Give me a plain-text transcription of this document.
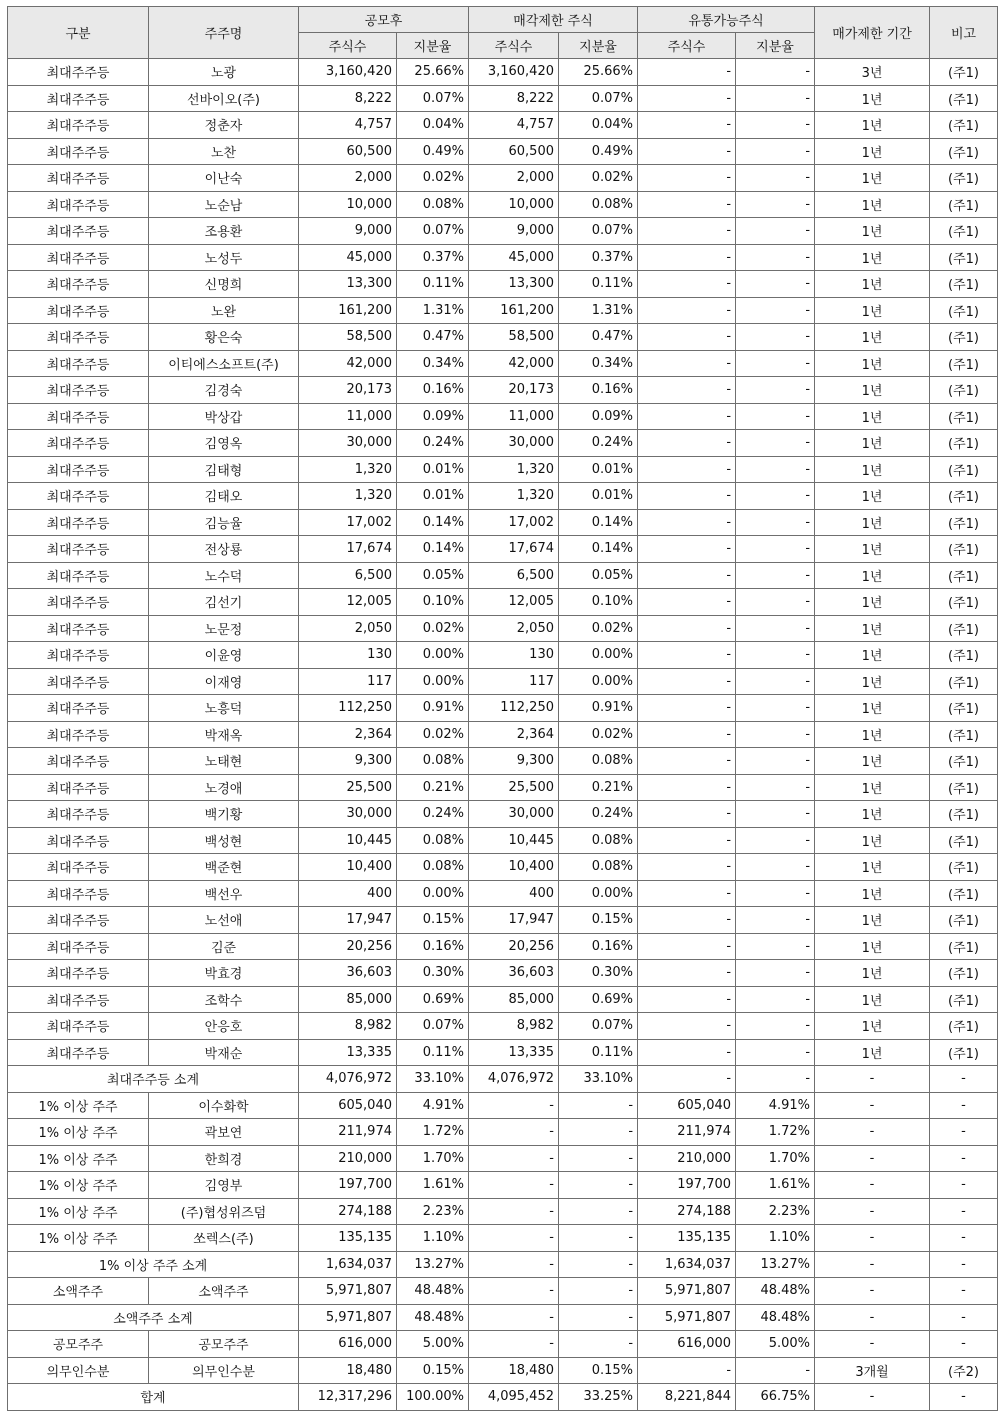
구분	주주명	공모후		매각제한 주식		유통가능주식		매가제한 기간	비고
		주식수	지분율	주식수	지분율	주식수	지분율		
최대주주등	노광	3,160,420	25.66%	3,160,420	25.66%	-	-	3년	(주1)
최대주주등	선바이오(주)	8,222	0.07%	8,222	0.07%	-	-	1년	(주1)
최대주주등	정춘자	4,757	0.04%	4,757	0.04%	-	-	1년	(주1)
최대주주등	노찬	60,500	0.49%	60,500	0.49%	-	-	1년	(주1)
최대주주등	이난숙	2,000	0.02%	2,000	0.02%	-	-	1년	(주1)
최대주주등	노순남	10,000	0.08%	10,000	0.08%	-	-	1년	(주1)
최대주주등	조용환	9,000	0.07%	9,000	0.07%	-	-	1년	(주1)
최대주주등	노성두	45,000	0.37%	45,000	0.37%	-	-	1년	(주1)
최대주주등	신명희	13,300	0.11%	13,300	0.11%	-	-	1년	(주1)
최대주주등	노완	161,200	1.31%	161,200	1.31%	-	-	1년	(주1)
최대주주등	황은숙	58,500	0.47%	58,500	0.47%	-	-	1년	(주1)
최대주주등	이티에스소프트(주)	42,000	0.34%	42,000	0.34%	-	-	1년	(주1)
최대주주등	김경숙	20,173	0.16%	20,173	0.16%	-	-	1년	(주1)
최대주주등	박상갑	11,000	0.09%	11,000	0.09%	-	-	1년	(주1)
최대주주등	김영옥	30,000	0.24%	30,000	0.24%	-	-	1년	(주1)
최대주주등	김태형	1,320	0.01%	1,320	0.01%	-	-	1년	(주1)
최대주주등	김태오	1,320	0.01%	1,320	0.01%	-	-	1년	(주1)
최대주주등	김능율	17,002	0.14%	17,002	0.14%	-	-	1년	(주1)
최대주주등	전상룡	17,674	0.14%	17,674	0.14%	-	-	1년	(주1)
최대주주등	노수덕	6,500	0.05%	6,500	0.05%	-	-	1년	(주1)
최대주주등	김선기	12,005	0.10%	12,005	0.10%	-	-	1년	(주1)
최대주주등	노문정	2,050	0.02%	2,050	0.02%	-	-	1년	(주1)
최대주주등	이윤영	130	0.00%	130	0.00%	-	-	1년	(주1)
최대주주등	이재영	117	0.00%	117	0.00%	-	-	1년	(주1)
최대주주등	노흥덕	112,250	0.91%	112,250	0.91%	-	-	1년	(주1)
최대주주등	박재옥	2,364	0.02%	2,364	0.02%	-	-	1년	(주1)
최대주주등	노태현	9,300	0.08%	9,300	0.08%	-	-	1년	(주1)
최대주주등	노경애	25,500	0.21%	25,500	0.21%	-	-	1년	(주1)
최대주주등	백기황	30,000	0.24%	30,000	0.24%	-	-	1년	(주1)
최대주주등	백성현	10,445	0.08%	10,445	0.08%	-	-	1년	(주1)
최대주주등	백준현	10,400	0.08%	10,400	0.08%	-	-	1년	(주1)
최대주주등	백선우	400	0.00%	400	0.00%	-	-	1년	(주1)
최대주주등	노선애	17,947	0.15%	17,947	0.15%	-	-	1년	(주1)
최대주주등	김준	20,256	0.16%	20,256	0.16%	-	-	1년	(주1)
최대주주등	박효경	36,603	0.30%	36,603	0.30%	-	-	1년	(주1)
최대주주등	조학수	85,000	0.69%	85,000	0.69%	-	-	1년	(주1)
최대주주등	안응호	8,982	0.07%	8,982	0.07%	-	-	1년	(주1)
최대주주등	박재순	13,335	0.11%	13,335	0.11%	-	-	1년	(주1)
최대주주등 소계		4,076,972	33.10%	4,076,972	33.10%	-	-	-	-
1% 이상 주주	이수화학	605,040	4.91%	-	-	605,040	4.91%	-	-
1% 이상 주주	곽보연	211,974	1.72%	-	-	211,974	1.72%	-	-
1% 이상 주주	한희경	210,000	1.70%	-	-	210,000	1.70%	-	-
1% 이상 주주	김영부	197,700	1.61%	-	-	197,700	1.61%	-	-
1% 이상 주주	(주)협성위즈덤	274,188	2.23%	-	-	274,188	2.23%	-	-
1% 이상 주주	쏘렉스(주)	135,135	1.10%	-	-	135,135	1.10%	-	-
1% 이상 주주 소계		1,634,037	13.27%	-	-	1,634,037	13.27%	-	-
소액주주	소액주주	5,971,807	48.48%	-	-	5,971,807	48.48%	-	-
소액주주 소계		5,971,807	48.48%	-	-	5,971,807	48.48%	-	-
공모주주	공모주주	616,000	5.00%	-	-	616,000	5.00%	-	-
의무인수분	의무인수분	18,480	0.15%	18,480	0.15%	-	-	3개월	(주2)
합계		12,317,296	100.00%	4,095,452	33.25%	8,221,844	66.75%	-	-
